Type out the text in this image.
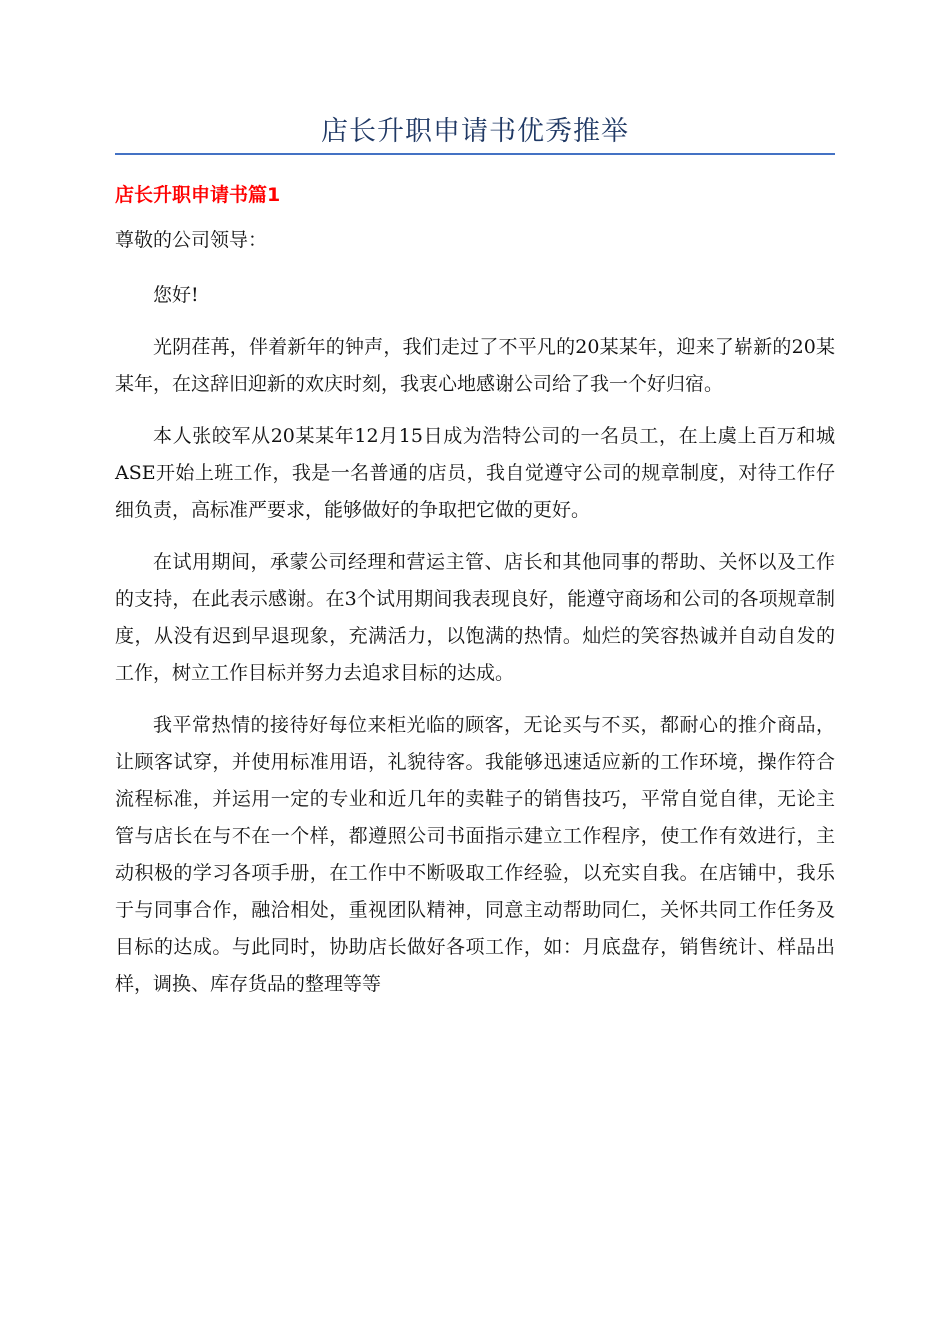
店长升职申请书优秀推举
店长升职申请书篇1

尊敬的公司领导：

您好!

光阴荏苒，伴着新年的钟声，我们走过了不平凡的20某某年，迎来了崭新的20某某年，在这辞旧迎新的欢庆时刻，我衷心地感谢公司给了我一个好归宿。

本人张皎军从20某某年12月15日成为浩特公司的一名员工，在上虞上百万和城ASE开始上班工作，我是一名普通的店员，我自觉遵守公司的规章制度，对待工作仔细负责，高标准严要求，能够做好的争取把它做的更好。

在试用期间，承蒙公司经理和营运主管、店长和其他同事的帮助、关怀以及工作的支持，在此表示感谢。在3个试用期间我表现良好，能遵守商场和公司的各项规章制度，从没有迟到早退现象，充满活力，以饱满的热情。灿烂的笑容热诚并自动自发的工作，树立工作目标并努力去追求目标的达成。

我平常热情的接待好每位来柜光临的顾客，无论买与不买，都耐心的推介商品，让顾客试穿，并使用标准用语，礼貌待客。我能够迅速适应新的工作环境，操作符合流程标准，并运用一定的专业和近几年的卖鞋子的销售技巧，平常自觉自律，无论主管与店长在与不在一个样，都遵照公司书面指示建立工作程序，使工作有效进行，主动积极的学习各项手册，在工作中不断吸取工作经验，以充实自我。在店铺中，我乐于与同事合作，融洽相处，重视团队精神，同意主动帮助同仁，关怀共同工作任务及目标的达成。与此同时，协助店长做好各项工作，如：月底盘存，销售统计、样品出样，调换、库存货品的整理等等
